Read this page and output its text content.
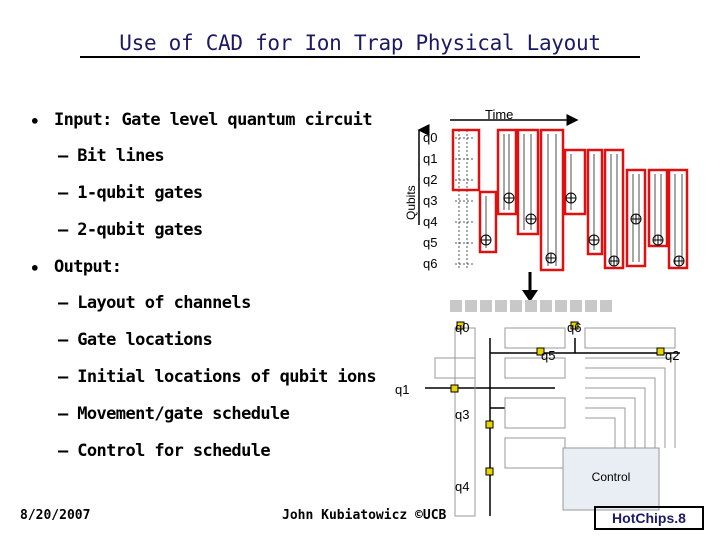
Use of CAD for Ion Trap Physical Layout
• Input: Gate level quantum circuit
– Bit lines
– 1-qubit gates
– 2-qubit gates
• Output:
– Layout of channels
– Gate locations
– Initial locations of qubit ions
– Movement/gate schedule
– Control for schedule
Time
Qubits
q0
q1
q2
q3
q4
q5
q6
Control
q0	q6
q5	q2
q1
q3
q4
8/20/2007	John Kubiatowicz ©UCB	HotChips.8
